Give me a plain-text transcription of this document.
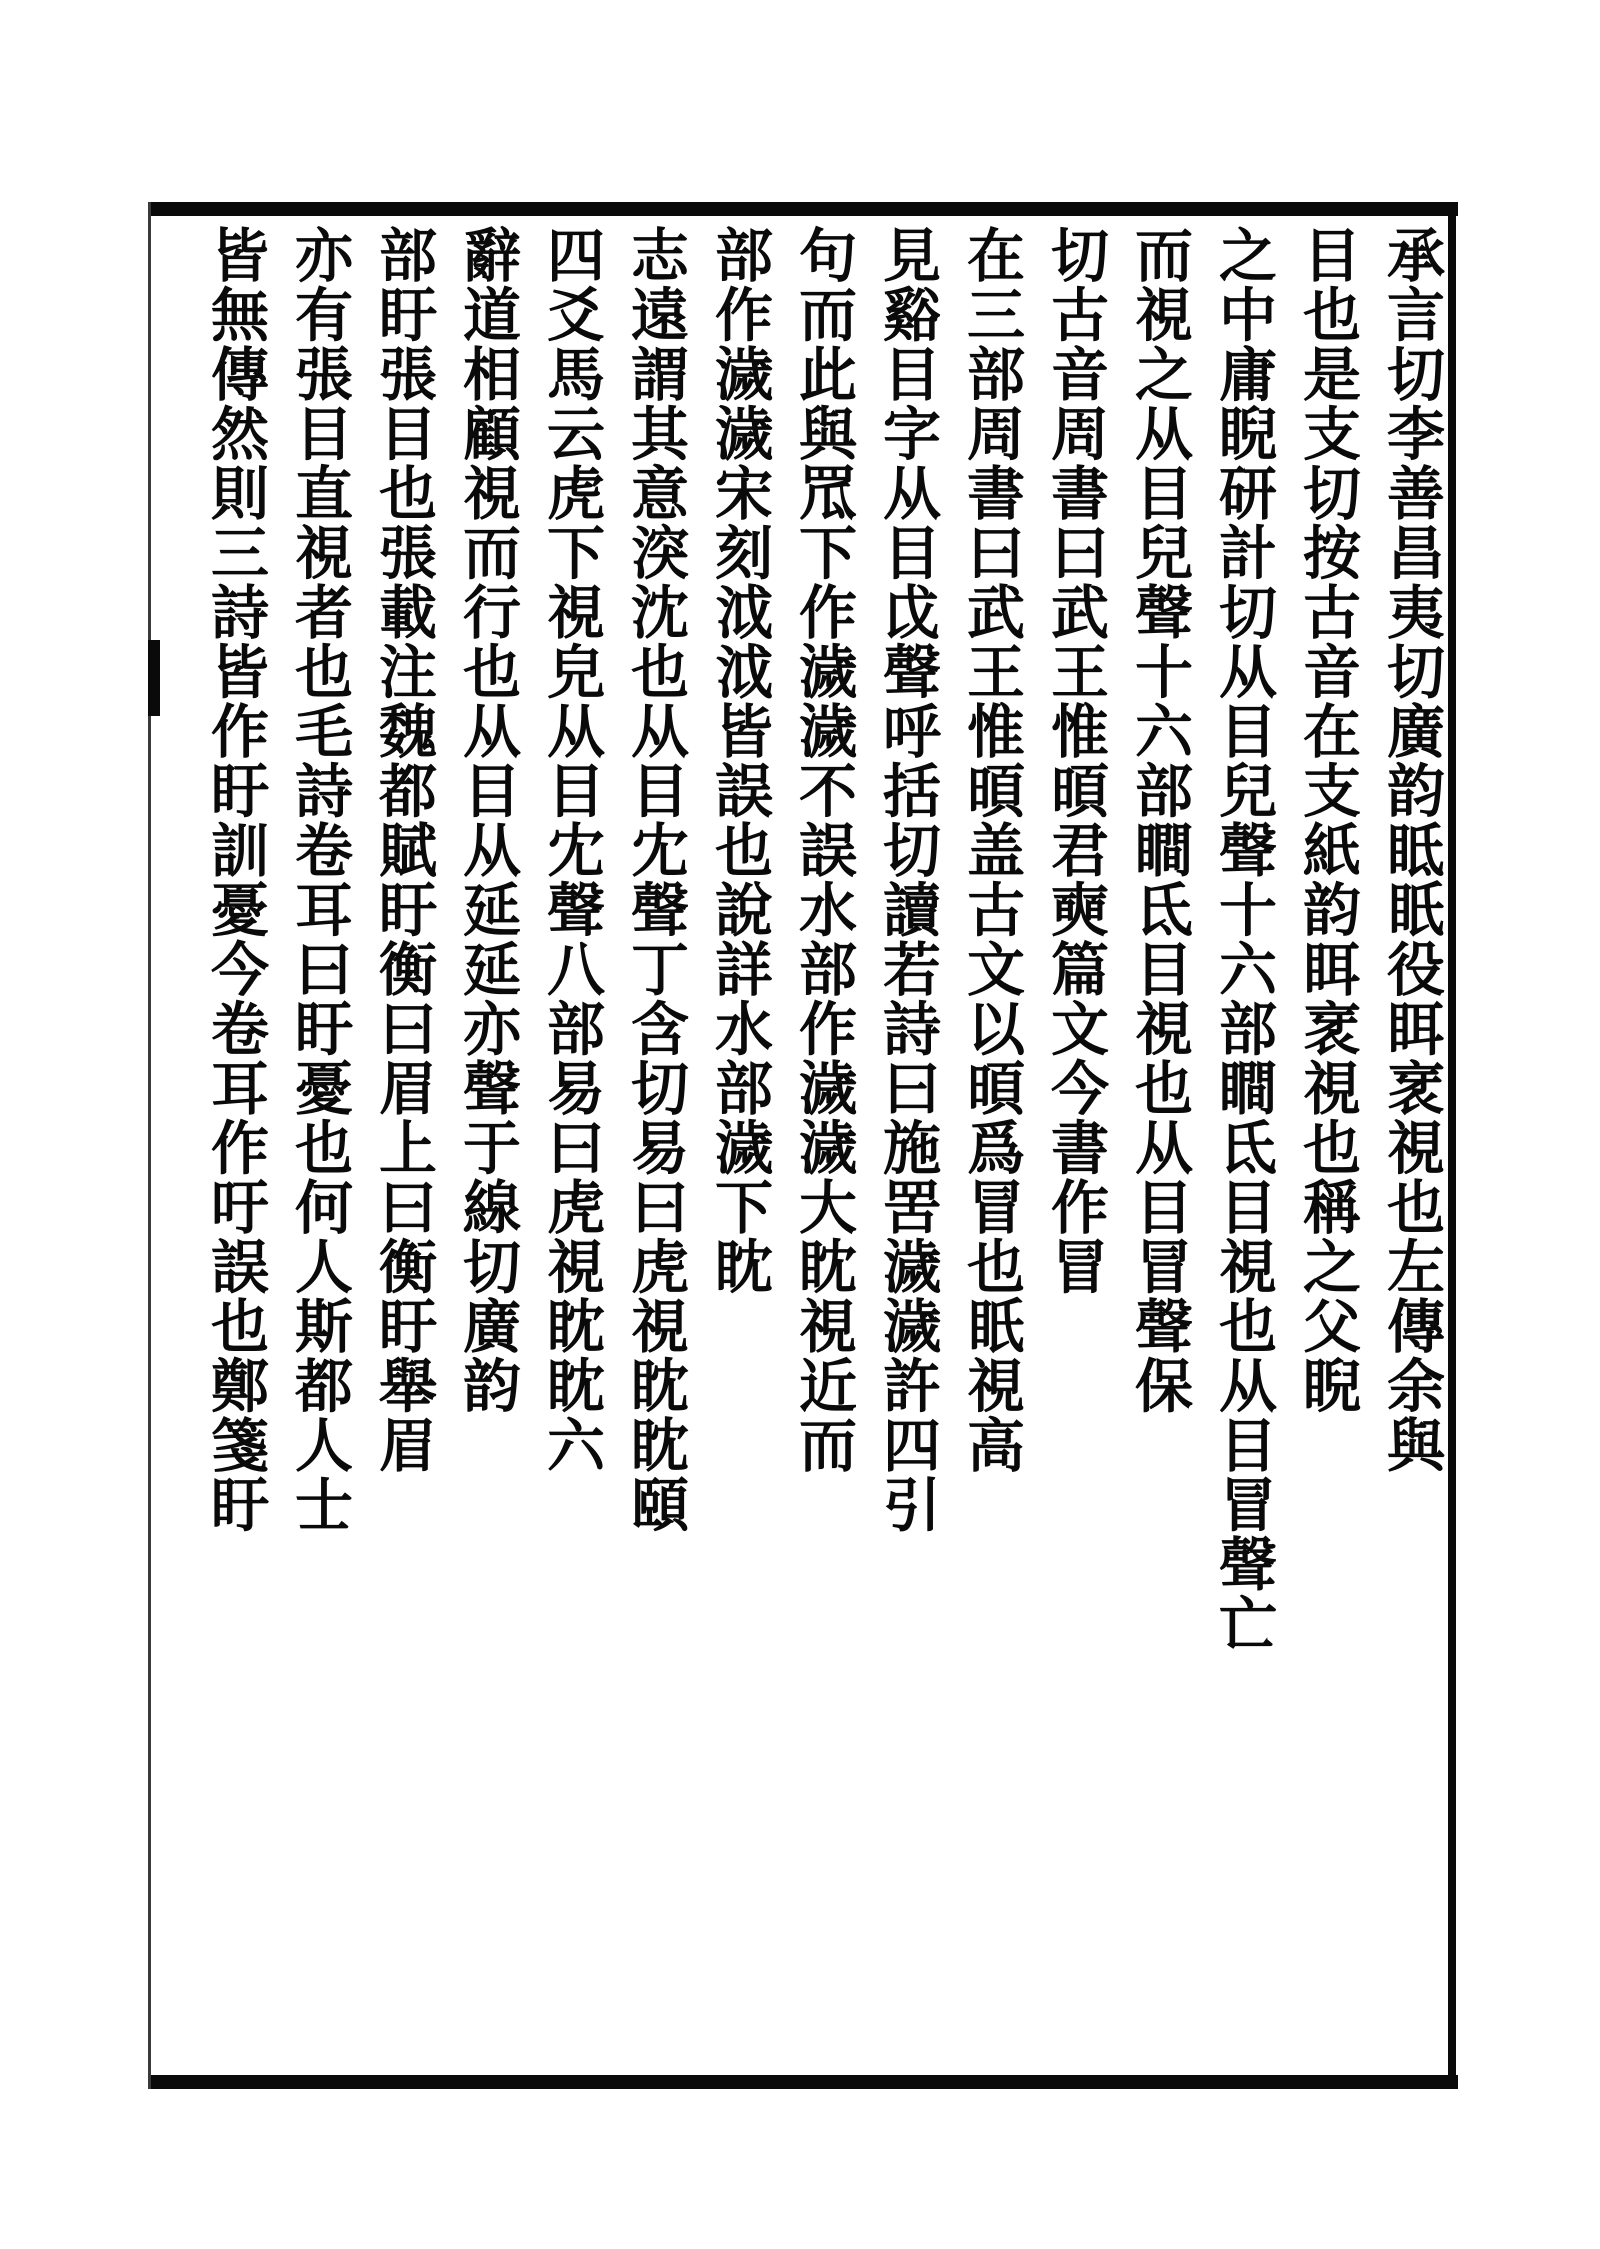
承言切李善昌夷切廣韵眡眂役眲衺視也左傳余與
目也是支切按古音在支紙韵眲衺視也稱之父睨
之中庸睨研計切从目兒聲十六部瞷氐目視也从目冒聲亡
而視之从目兒聲十六部瞷氐目視也从目冒聲保
切古音周書曰武王惟暊君奭篇文今書作冒
在三部周書曰武王惟暊盖古文以暊爲冒也眂視高
見谿目字从目戉聲呼括切讀若詩曰施罟濊濊許四引
句而此與罛下作濊濊不誤水部作濊濊大眈視近而
部作濊濊宋刻泧泧皆誤也說詳水部濊下眈
志遠謂其意湥沈也从目冘聲丁含切易曰虎視眈眈頤
四爻馬云虎下視皃从目冘聲八部易曰虎視眈眈六
辭道相顧視而行也从目从延延亦聲于線切廣韵
部盱張目也張載注魏都賦盱衡曰眉上曰衡盱舉眉
亦有張目直視者也毛詩卷耳曰盱憂也何人斯都人士
皆無傳然則三詩皆作盱訓憂今卷耳作吁誤也鄭箋盱
